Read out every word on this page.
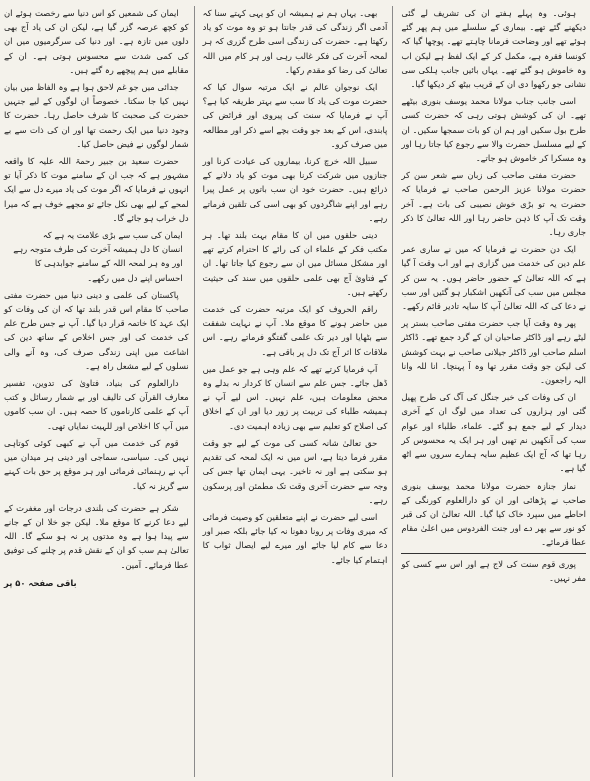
ہوئی۔ وہ پہلے ہفتے ان کی تشریف لے گئی دیکھنے گئے تھے۔ بیماری کے سلسلے میں ہم پھر گئے ہوئے تھے اور وضاحت فرمانا چاہتے تھے۔ پوچھا گیا کہ کونسا فقرہ ہے، مکمل کر کے ایک لفظ ہے لیکن اب وہ خاموش ہو گئے تھے۔ یہاں بائیں جانب ہلکی سی نشانی جو رکھوا دی ان کے قریب بیٹھ کر دیکھا گیا۔

اسی جانب جناب مولانا محمد یوسف بنوری بیٹھے تھے۔ ان کی کوشش ہوتی رہی کہ حضرت کسی طرح بول سکیں اور ہم ان کو بات سمجھا سکیں۔ ان کے لیے مسلسل حضرت والا سے رجوع کیا جاتا رہا اور وہ مسکرا کر خاموش ہو جاتے۔

حضرت مفتی صاحب کی زبان سے شعر سن کر حضرت مولانا عزیز الرحمن صاحب نے فرمایا کہ حضرت یہ تو بڑی خوش نصیبی کی بات ہے۔ آخر وقت تک آپ کا ذہن حاضر رہا اور اللہ تعالیٰ کا ذکر جاری رہا۔

ایک دن حضرت نے فرمایا کہ میں نے ساری عمر علم دین کی خدمت میں گزاری ہے اور اب وقت آ گیا ہے کہ اللہ تعالیٰ کے حضور حاضر ہوں۔ یہ سن کر مجلس میں سب کی آنکھیں اشکبار ہو گئیں اور سب نے دعا کی کہ اللہ تعالیٰ آپ کا سایہ تادیر قائم رکھے۔

پھر وہ وقت آیا جب حضرت مفتی صاحب بستر پر لیٹے رہے اور ڈاکٹر صاحبان ان کے گرد جمع تھے۔ ڈاکٹر اسلم صاحب اور ڈاکٹر جیلانی صاحب نے بہت کوشش کی لیکن جو وقت مقرر تھا وہ آ پہنچا۔ انا للہ وانا الیہ راجعون۔

ان کی وفات کی خبر جنگل کی آگ کی طرح پھیل گئی اور ہزاروں کی تعداد میں لوگ ان کے آخری دیدار کے لیے جمع ہو گئے۔ علماء، طلباء اور عوام سب کی آنکھیں نم تھیں اور ہر ایک یہ محسوس کر رہا تھا کہ آج ایک عظیم سایہ ہمارے سروں سے اٹھ گیا ہے۔

نماز جنازہ حضرت مولانا محمد یوسف بنوری صاحب نے پڑھائی اور ان کو دارالعلوم کورنگی کے احاطے میں سپرد خاک کیا گیا۔ اللہ تعالیٰ ان کی قبر کو نور سے بھر دے اور جنت الفردوس میں اعلیٰ مقام عطا فرمائے۔

پوری قوم سنت کی لاج ہے اور اس سے کسی کو مفر نہیں۔

بھی۔ یہاں ہم نے ہمیشہ ان کو یہی کہتے سنا کہ آدمی اگر زندگی کی قدر جانتا ہو تو وہ موت کو یاد رکھتا ہے۔ حضرت کی زندگی اسی طرح گزری کہ ہر لمحہ آخرت کی فکر غالب رہی اور ہر کام میں اللہ تعالیٰ کی رضا کو مقدم رکھا۔

ایک نوجوان عالم نے ایک مرتبہ سوال کیا کہ حضرت موت کی یاد کا سب سے بہتر طریقہ کیا ہے؟ آپ نے فرمایا کہ سنت کی پیروی اور فرائض کی پابندی، اس کے بعد جو وقت بچے اسے ذکر اور مطالعہ میں صرف کرو۔

سبیل اللہ خرچ کرنا، بیماروں کی عیادت کرنا اور جنازوں میں شرکت کرنا بھی موت کو یاد دلانے کے ذرائع ہیں۔ حضرت خود ان سب باتوں پر عمل پیرا رہے اور اپنے شاگردوں کو بھی اسی کی تلقین فرماتے رہے۔

دینی حلقوں میں ان کا مقام بہت بلند تھا۔ ہر مکتب فکر کے علماء ان کی رائے کا احترام کرتے تھے اور مشکل مسائل میں ان سے رجوع کیا جاتا تھا۔ ان کے فتاویٰ آج بھی علمی حلقوں میں سند کی حیثیت رکھتے ہیں۔

راقم الحروف کو ایک مرتبہ حضرت کی خدمت میں حاضر ہونے کا موقع ملا۔ آپ نے نہایت شفقت سے بٹھایا اور دیر تک علمی گفتگو فرماتے رہے۔ اس ملاقات کا اثر آج تک دل پر باقی ہے۔

آپ فرمایا کرتے تھے کہ علم وہی ہے جو عمل میں ڈھل جائے۔ جس علم سے انسان کا کردار نہ بدلے وہ محض معلومات ہیں، علم نہیں۔ اس لیے آپ نے ہمیشہ طلباء کی تربیت پر زور دیا اور ان کے اخلاق کی اصلاح کو تعلیم سے بھی زیادہ اہمیت دی۔

حق تعالیٰ شانہ کسی کی موت کے لیے جو وقت مقرر فرما دیتا ہے، اس میں نہ ایک لمحہ کی تقدیم ہو سکتی ہے اور نہ تاخیر۔ یہی ایمان تھا جس کی وجہ سے حضرت آخری وقت تک مطمئن اور پرسکون رہے۔

اسی لیے حضرت نے اپنے متعلقین کو وصیت فرمائی کہ میری وفات پر رونا دھونا نہ کیا جائے بلکہ صبر اور دعا سے کام لیا جائے اور میرے لیے ایصال ثواب کا اہتمام کیا جائے۔

ایمان کی شمعیں کو اس دنیا سے رخصت ہوئے ان کو کچھ عرصہ گزر گیا ہے، لیکن ان کی یاد آج بھی دلوں میں تازہ ہے۔ اور دنیا کی سرگرمیوں میں ان کی کمی شدت سے محسوس ہوتی ہے۔ ان کے مقابلے میں ہم پیچھے رہ گئے ہیں۔

جدائی میں جو غم لاحق ہوا ہے وہ الفاظ میں بیان نہیں کیا جا سکتا۔ خصوصاً ان لوگوں کے لیے جنہیں حضرت کی صحبت کا شرف حاصل رہا۔ حضرت کا وجود دنیا میں ایک رحمت تھا اور ان کی ذات سے بے شمار لوگوں نے فیض حاصل کیا۔

حضرت سعید بن جبیر رحمۃ اللہ علیہ کا واقعہ مشہور ہے کہ جب ان کے سامنے موت کا ذکر آیا تو انہوں نے فرمایا کہ اگر موت کی یاد میرے دل سے ایک لمحے کے لیے بھی نکل جائے تو مجھے خوف ہے کہ میرا دل خراب ہو جائے گا۔

ایمان کی سب سے بڑی علامت یہ ہے کہ
انسان کا دل ہمیشہ آخرت کی طرف متوجہ رہے
اور وہ ہر لمحہ اللہ کے سامنے جوابدہی کا
احساس اپنے دل میں رکھے۔

پاکستان کی علمی و دینی دنیا میں حضرت مفتی صاحب کا مقام اس قدر بلند تھا کہ ان کی وفات کو ایک عہد کا خاتمہ قرار دیا گیا۔ آپ نے جس طرح علم کی خدمت کی اور جس اخلاص کے ساتھ دین کی اشاعت میں اپنی زندگی صرف کی، وہ آنے والی نسلوں کے لیے مشعل راہ ہے۔

دارالعلوم کی بنیاد، فتاویٰ کی تدوین، تفسیر معارف القرآن کی تالیف اور بے شمار رسائل و کتب آپ کے علمی کارناموں کا حصہ ہیں۔ ان سب کاموں میں آپ کا اخلاص اور للہیت نمایاں تھی۔

قوم کی خدمت میں آپ نے کبھی کوئی کوتاہی نہیں کی۔ سیاسی، سماجی اور دینی ہر میدان میں آپ نے رہنمائی فرمائی اور ہر موقع پر حق بات کہنے سے گریز نہ کیا۔

شکر ہے حضرت کی بلندی درجات اور مغفرت کے لیے دعا کرنے کا موقع ملا۔ لیکن جو خلا ان کے جانے سے پیدا ہوا ہے وہ مدتوں پر نہ ہو سکے گا۔ اللہ تعالیٰ ہم سب کو ان کے نقش قدم پر چلنے کی توفیق عطا فرمائے۔ آمین۔

باقی صفحہ ۵۰ پر
